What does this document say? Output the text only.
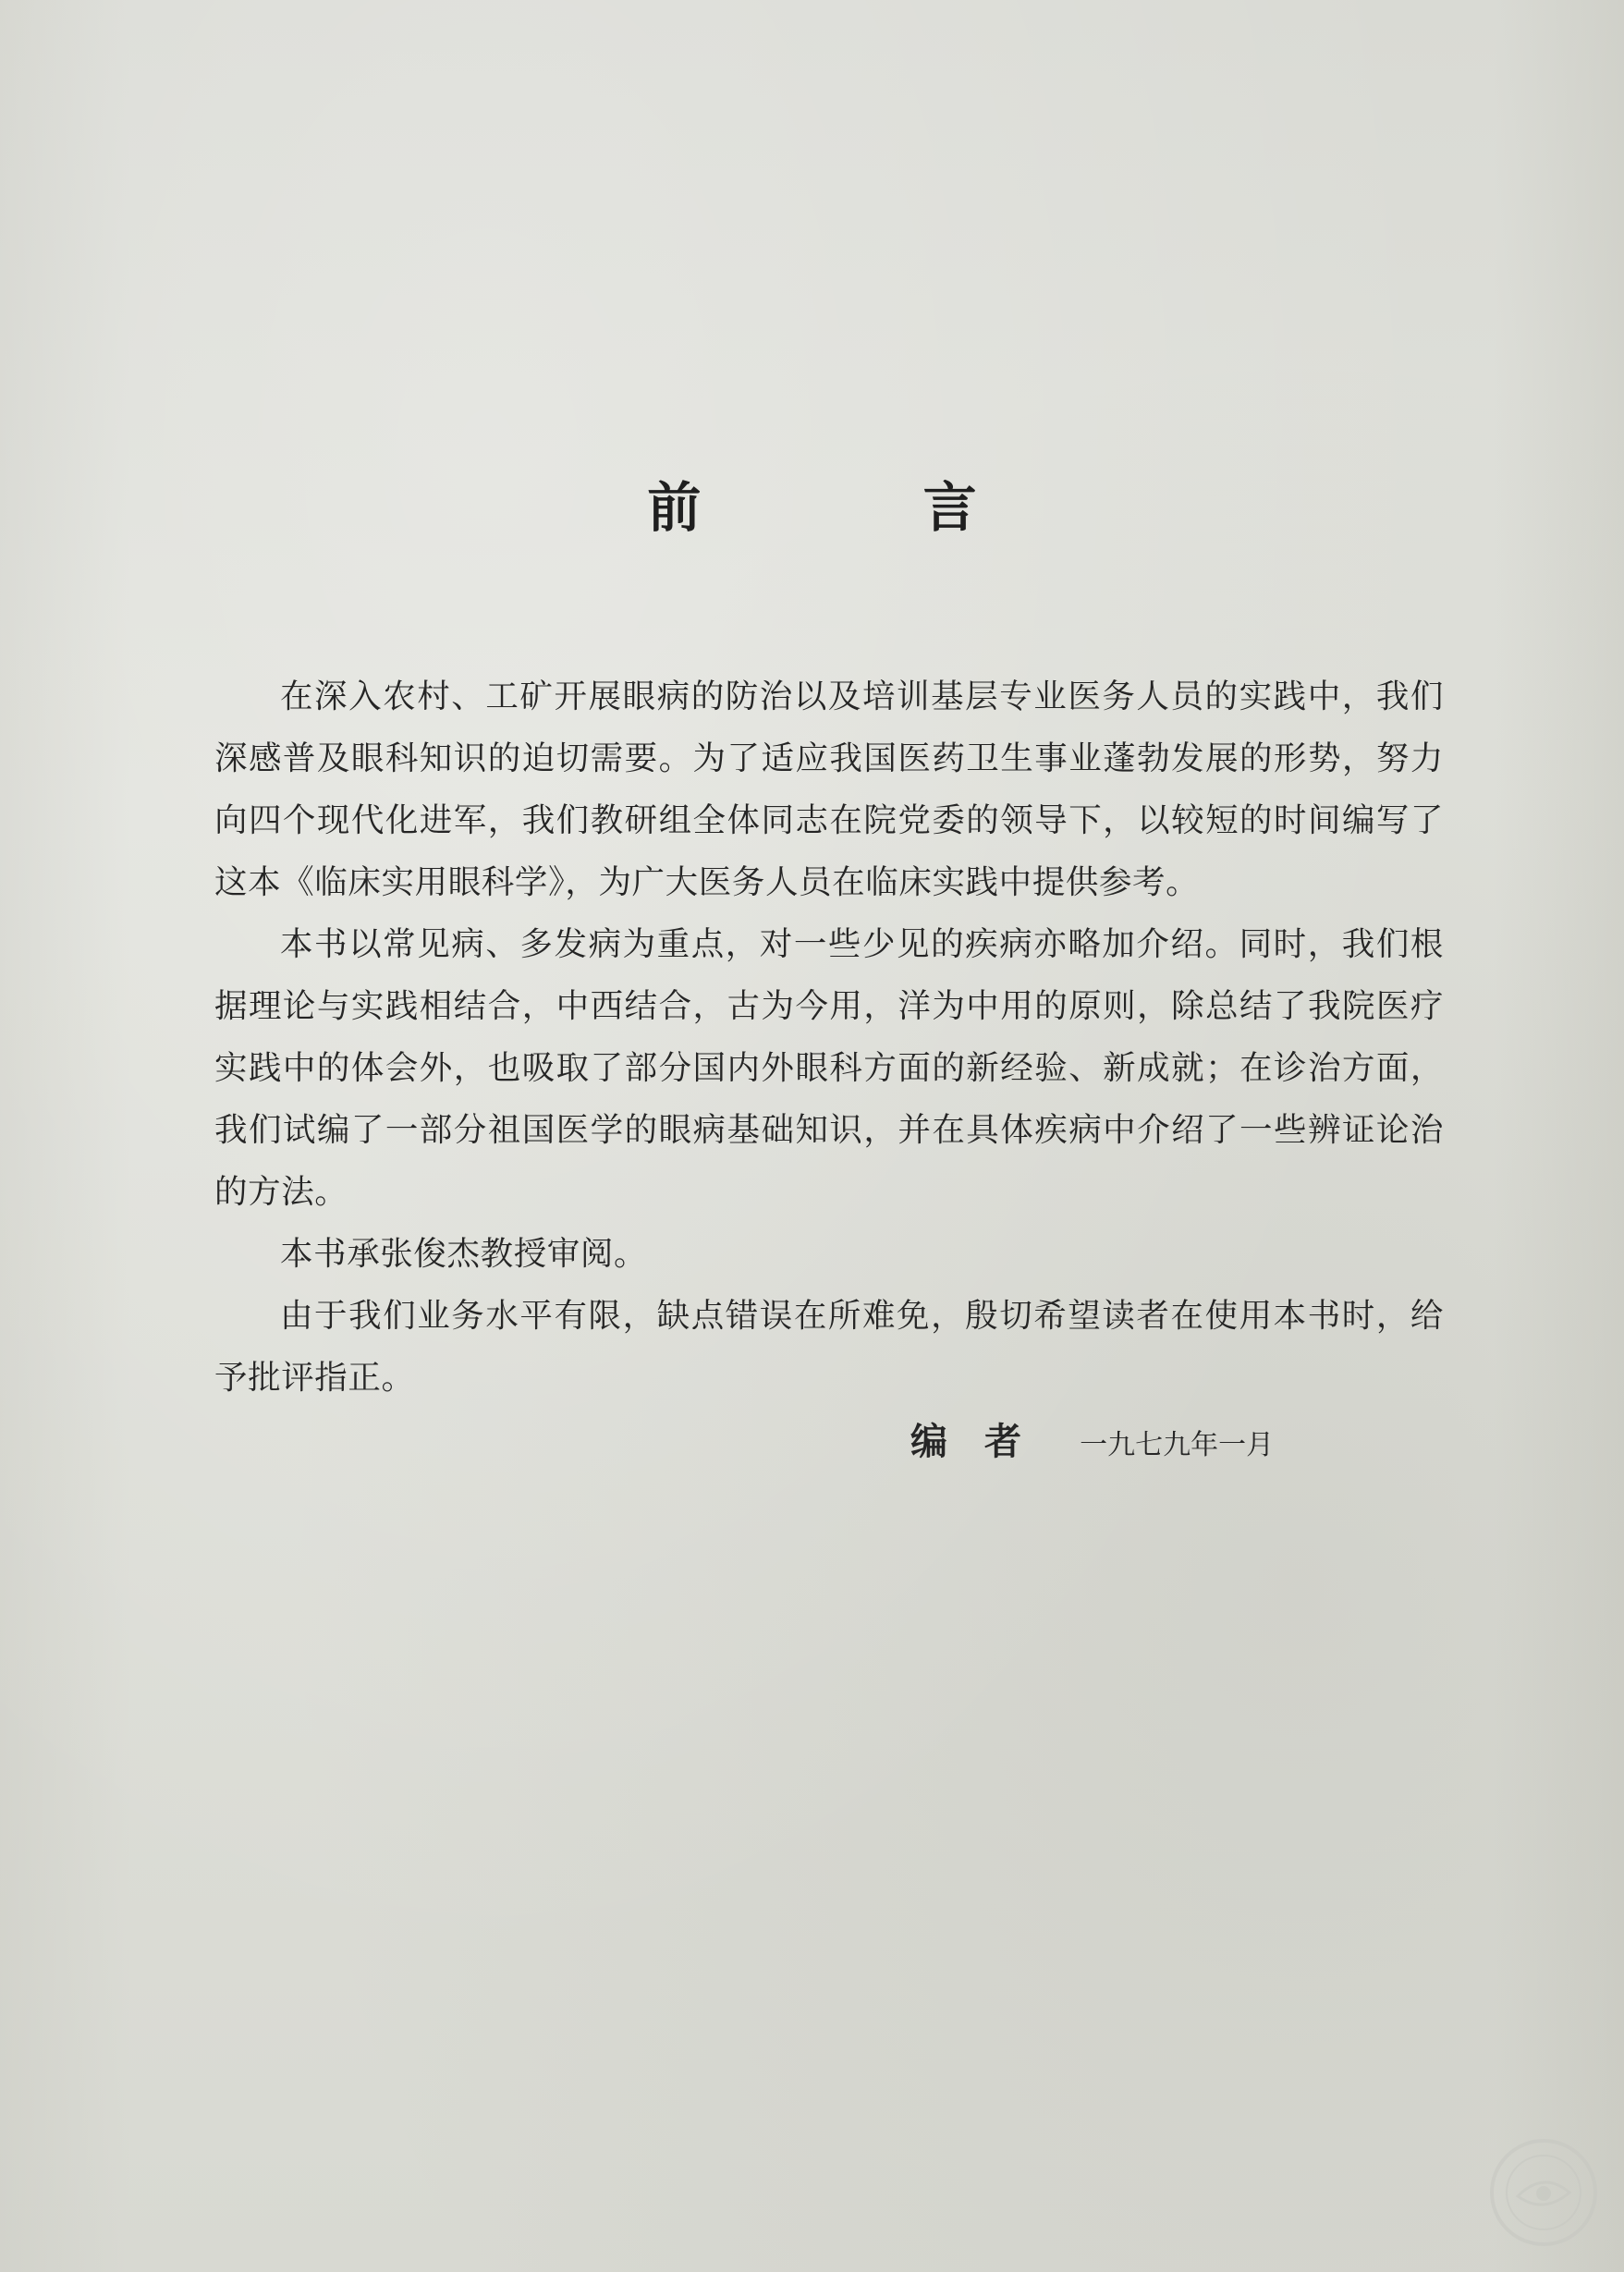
前 言

在深入农村、工矿开展眼病的防治以及培训基层专业医务人员的实践中，我们深感普及眼科知识的迫切需要。为了适应我国医药卫生事业蓬勃发展的形势，努力向四个现代化进军，我们教研组全体同志在院党委的领导下，以较短的时间编写了这本《临床实用眼科学》，为广大医务人员在临床实践中提供参考。

本书以常见病、多发病为重点，对一些少见的疾病亦略加介绍。同时，我们根据理论与实践相结合，中西结合，古为今用，洋为中用的原则，除总结了我院医疗实践中的体会外，也吸取了部分国内外眼科方面的新经验、新成就；在诊治方面，我们试编了一部分祖国医学的眼病基础知识，并在具体疾病中介绍了一些辨证论治的方法。

本书承张俊杰教授审阅。

由于我们业务水平有限，缺点错误在所难免，殷切希望读者在使用本书时，给予批评指正。

编者 一九七九年一月
